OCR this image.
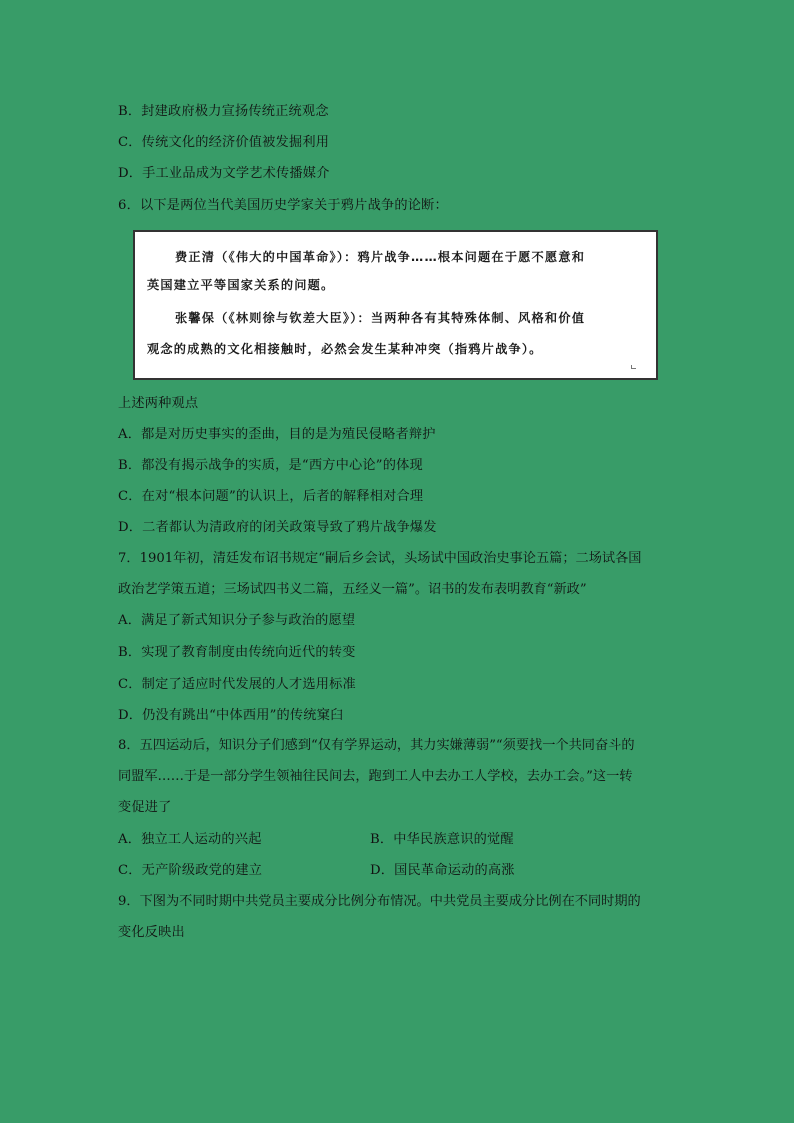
B．封建政府极力宣扬传统正统观念
C．传统文化的经济价值被发掘利用
D．手工业品成为文学艺术传播媒介
6．以下是两位当代美国历史学家关于鸦片战争的论断：
费正清（《伟大的中国革命》）：鸦片战争……根本问题在于愿不愿意和
英国建立平等国家关系的问题。
张馨保（《林则徐与钦差大臣》）：当两种各有其特殊体制、风格和价值
观念的成熟的文化相接触时，必然会发生某种冲突（指鸦片战争）。
上述两种观点
A．都是对历史事实的歪曲，目的是为殖民侵略者辩护
B．都没有揭示战争的实质，是“西方中心论”的体现
C．在对“根本问题”的认识上，后者的解释相对合理
D．二者都认为清政府的闭关政策导致了鸦片战争爆发
7．1901年初，清廷发布诏书规定“嗣后乡会试，头场试中国政治史事论五篇；二场试各国
政治艺学策五道；三场试四书义二篇，五经义一篇”。诏书的发布表明教育“新政”
A．满足了新式知识分子参与政治的愿望
B．实现了教育制度由传统向近代的转变
C．制定了适应时代发展的人才选用标准
D．仍没有跳出“中体西用”的传统窠臼
8．五四运动后，知识分子们感到“仅有学界运动，其力实嫌薄弱”“须要找一个共同奋斗的
同盟军……于是一部分学生领袖往民间去，跑到工人中去办工人学校，去办工会。”这一转
变促进了
A．独立工人运动的兴起	B．中华民族意识的觉醒
C．无产阶级政党的建立	D．国民革命运动的高涨
9．下图为不同时期中共党员主要成分比例分布情况。中共党员主要成分比例在不同时期的
变化反映出
